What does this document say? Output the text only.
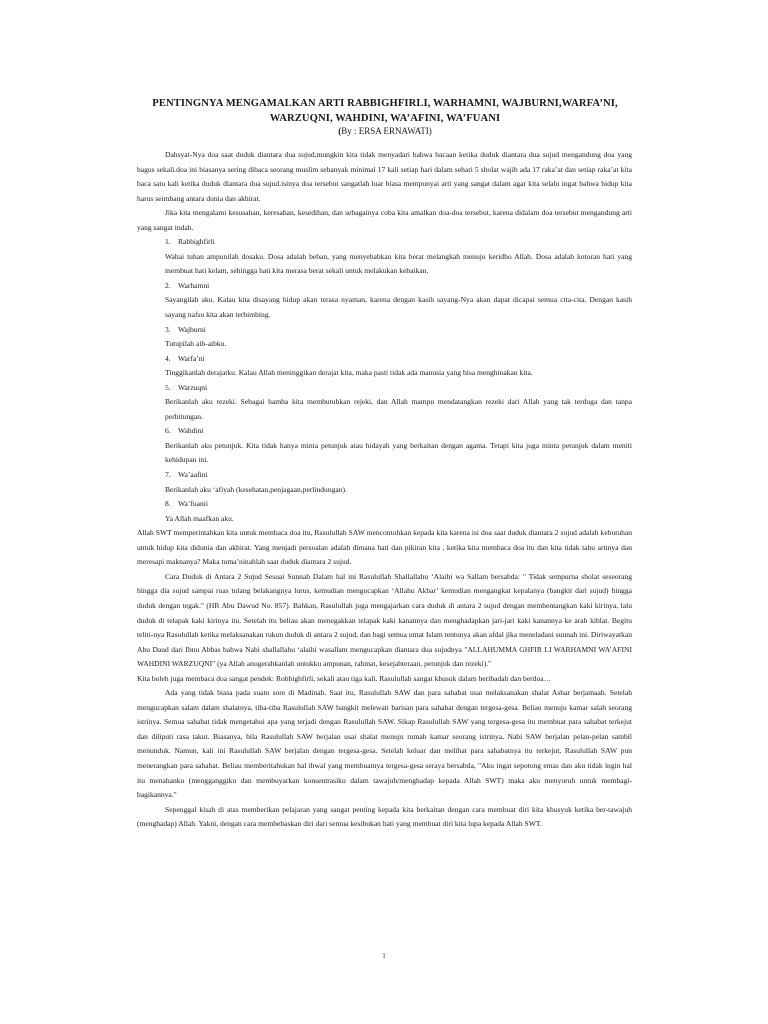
PENTINGNYA MENGAMALKAN ARTI RABBIGHFIRLI, WARHAMNI, WAJBURNI,WARFA’NI,
WARZUQNI, WAHDINI, WA’AFINI, WA’FUANI
(By : ERSA ERNAWATI)

Dahsyat-Nya doa saat duduk diantara dua sujud,mungkin kita tidak menyadari bahwa bacaan ketika duduk diantara dua sujud mengandung doa yang bagus sekali.doa ini biasanya sering dibaca seorang muslim sebanyak minimal 17 kali setiap hari dalam sehari 5 sholat wajib ada 17 raka’at dan setiap raka’at kita baca satu kali ketika duduk diantara dua sujud.isinya doa tersebut sangatlah luar biasa mempunyai arti yang sangat dalam agar kita selalu ingat bahwa hidup kita harus seimbang antara dunia dan akhirat.

Jika kita mengalami kesusahan, keresahan, kesedihan, dan sebagainya coba kita amalkan doa-doa tersebut, karena didalam doa tersebut mengandung arti yang sangat indah.

1. Rabbighfirli

Wahai tuhan ampunilah dosaku. Dosa adalah beban, yang menyebabkan kita berat melangkah menuju keridho Allah. Dosa adalah kotoran hati yang membuat hati kelam, sehingga hati kita merasa berat sekali untuk melakukan kebaikan.

2. Warhamni

Sayangilah aku. Kalau kita disayang hidup akan terasa nyaman, karena dengan kasih sayang-Nya akan dapat dicapai semua cita-cita. Dengan kasih sayang nafsu kita akan terbimbing.

3. Wajburni

Tutupilah aib-aibku.

4. Warfa’ni

Tinggikanlah derajatku. Kalau Allah meninggikan derajat kita, maka pasti tidak ada manusia yang bisa menghinakan kita.

5. Warzuqni

Berikanlah aku rezeki. Sebagai hamba kita membutuhkan rejeki, dan Allah mampu mendatangkan rezeki dari Allah yang tak terduga dan tanpa perhitungan.

6. Wahdini

Berikanlah aku petunjuk. Kita tidak hanya minta petunjuk atau hidayah yang berkaitan dengan agama. Tetapi kita juga minta petunjuk dalam meniti kehidupan ini.

7. Wa’aafini

Berikanlah aku ‘afiyah (kesehatan,penjagaan,perlindungan).

8. Wa’fuanii

Ya Allah maafkan aku.

Allah SWT memperintahkan kita untuk membaca doa itu, Rasulullah SAW mencontohkan kepada kita karena isi doa saat duduk diantara 2 sujud adalah kebutuhan untuk hidup kita didunia dan akhirat. Yang menjadi persoalan adalah dimana hati dan pikiran kita , ketika kita membaca doa itu dan kita tidak tahu artinya dan meresapi maknanya? Maka tuma’ninahlah saat duduk diantara 2 sujud.

Cara Duduk di Antara 2 Sujud Sesuai Sunnah Dalam hal ini Rasulullah Shallallahu ‘Alaihi wa Sallam bersabda: " Tidak sempurna sholat seseorang hingga dia sujud sampai ruas tulang belakangnya lurus, kemudian mengucapkan ‘Allahu Akbar’ kemudian mengangkat kepalanya (bangkit dari sujud) hingga duduk dengan tegak." (HR Abu Dawud No. 857). Bahkan, Rasulullah juga mengajarkan cara duduk di antara 2 sujud dengan membentangkan kaki kirinya, lalu duduk di telapak kaki kirinya itu. Setelah itu beliau akan menegakkan telapak kaki kanannya dan menghadapkan jari-jari kaki kanannya ke arah kiblat. Begitu teliti-nya Rasulullah ketika melaksanakan rukun duduk di antara 2 sujud, dan bagi semua umat Islam tentunya akan afdal jika meneladani sunnah ini. Diriwayatkan Abu Daud dari Ibnu Abbas bahwa Nabi shallallahu ‘alaihi wasallam mengucapkan diantara dua sujudnya "ALLAHUMMA GHFIR LI WARHAMNI WA’AFINI WAHDINI WARZUQNI" (ya Allah anugerahkanlah untukku ampunan, rahmat, kesejahteraan, petunjuk dan rezeki)."

Kita boleh juga membaca doa sangat pendek: Robbighfirli, sekali atau tiga kali. Rasulullah sangat khusuk dalam beribadah dan berdoa…

Ada yang tidak biasa pada suatu sore di Madinah. Saat itu, Rasulullah SAW dan para sahabat usai melaksanakan shalat Ashar berjamaah. Setelah mengucapkan salam dalam shalatnya, tiba-tiba Rasulullah SAW bangkit melewati barisan para sahabat dengan tergesa-gesa. Beliau menuju kamar salah seorang istrinya. Semua sahabat tidak mengetahui apa yang terjadi dengan Rasulullah SAW. Sikap Rasulullah SAW yang tergesa-gesa itu membuat para sahabat terkejut dan diliputi rasa takut. Biasanya, bila Rasulullah SAW berjalan usai shalat menuju rumah kamar seorang istrinya, Nabi SAW berjalan pelan-pelan sambil menunduk. Namun, kali ini Rasulullah SAW berjalan dengan tergesa-gesa. Setelah keluar dan melihat para sahabatnya itu terkejut, Rasulullah SAW pun menerangkan para sahabat. Beliau memberitahukan hal ihwal yang membuatnya tergesa-gesa seraya bersabda, "Aku ingat sepotong emas dan aku tidak ingin hal itu menahanku (mengganggiku dan membuyarkan konsentrasiku dalam tawajuh/menghadap kepada Allah SWT) maka aku menyuruh untuk membagi-bagikannya."

Sepenggal kisah di atas memberikan pelajaran yang sangat penting kepada kita berkaitan dengan cara membuat diri kita khusyuk ketika ber-tawajuh (menghadap) Allah. Yakni, dengan cara membebaskan diri dari semua kesibukan hati yang membuat diri kita lupa kepada Allah SWT.

1
